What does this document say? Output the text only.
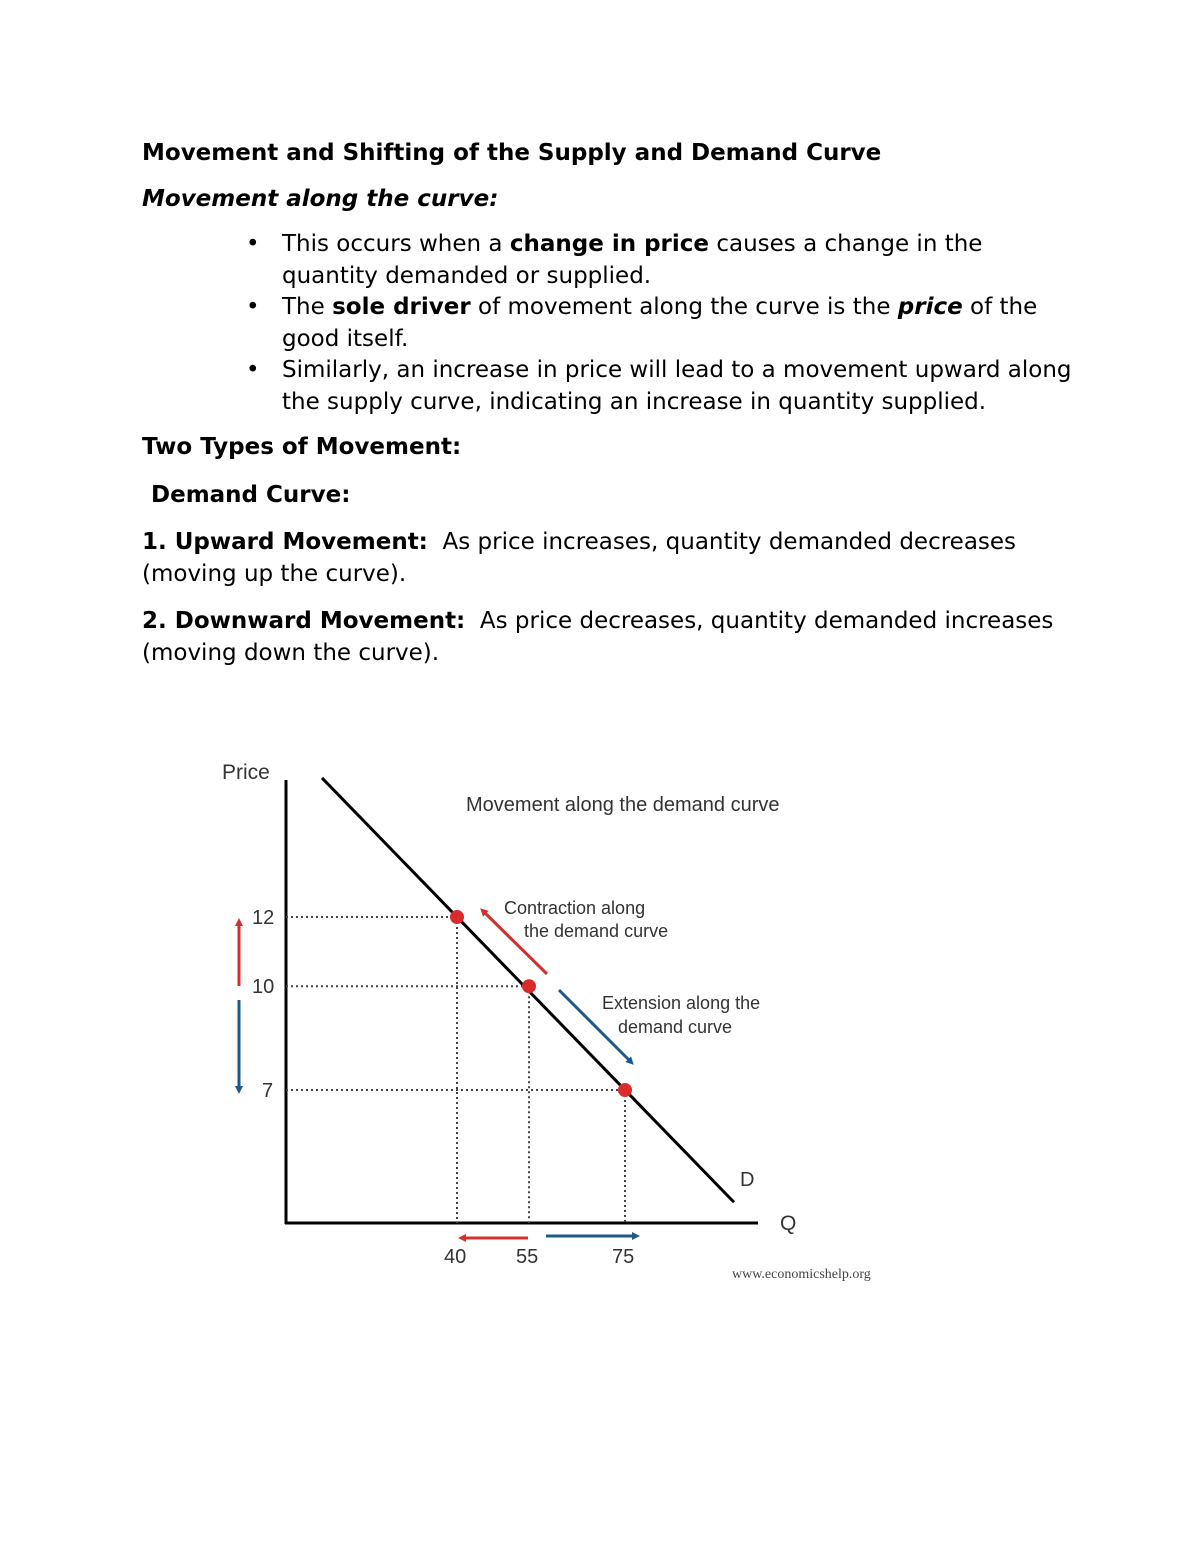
Movement and Shifting of the Supply and Demand Curve
Movement along the curve:
• This occurs when a change in price causes a change in the quantity demanded or supplied.
• The sole driver of movement along the curve is the price of the good itself.
• Similarly, an increase in price will lead to a movement upward along the supply curve, indicating an increase in quantity supplied.
Two Types of Movement:
Demand Curve:
1. Upward Movement:  As price increases, quantity demanded decreases (moving up the curve).
2. Downward Movement:  As price decreases, quantity demanded increases (moving down the curve).
Price
Q
Movement along the demand curve
D
12
10
7
40 55	75
Contraction along
the demand curve
Extension along the
demand curve
www.economicshelp.org
